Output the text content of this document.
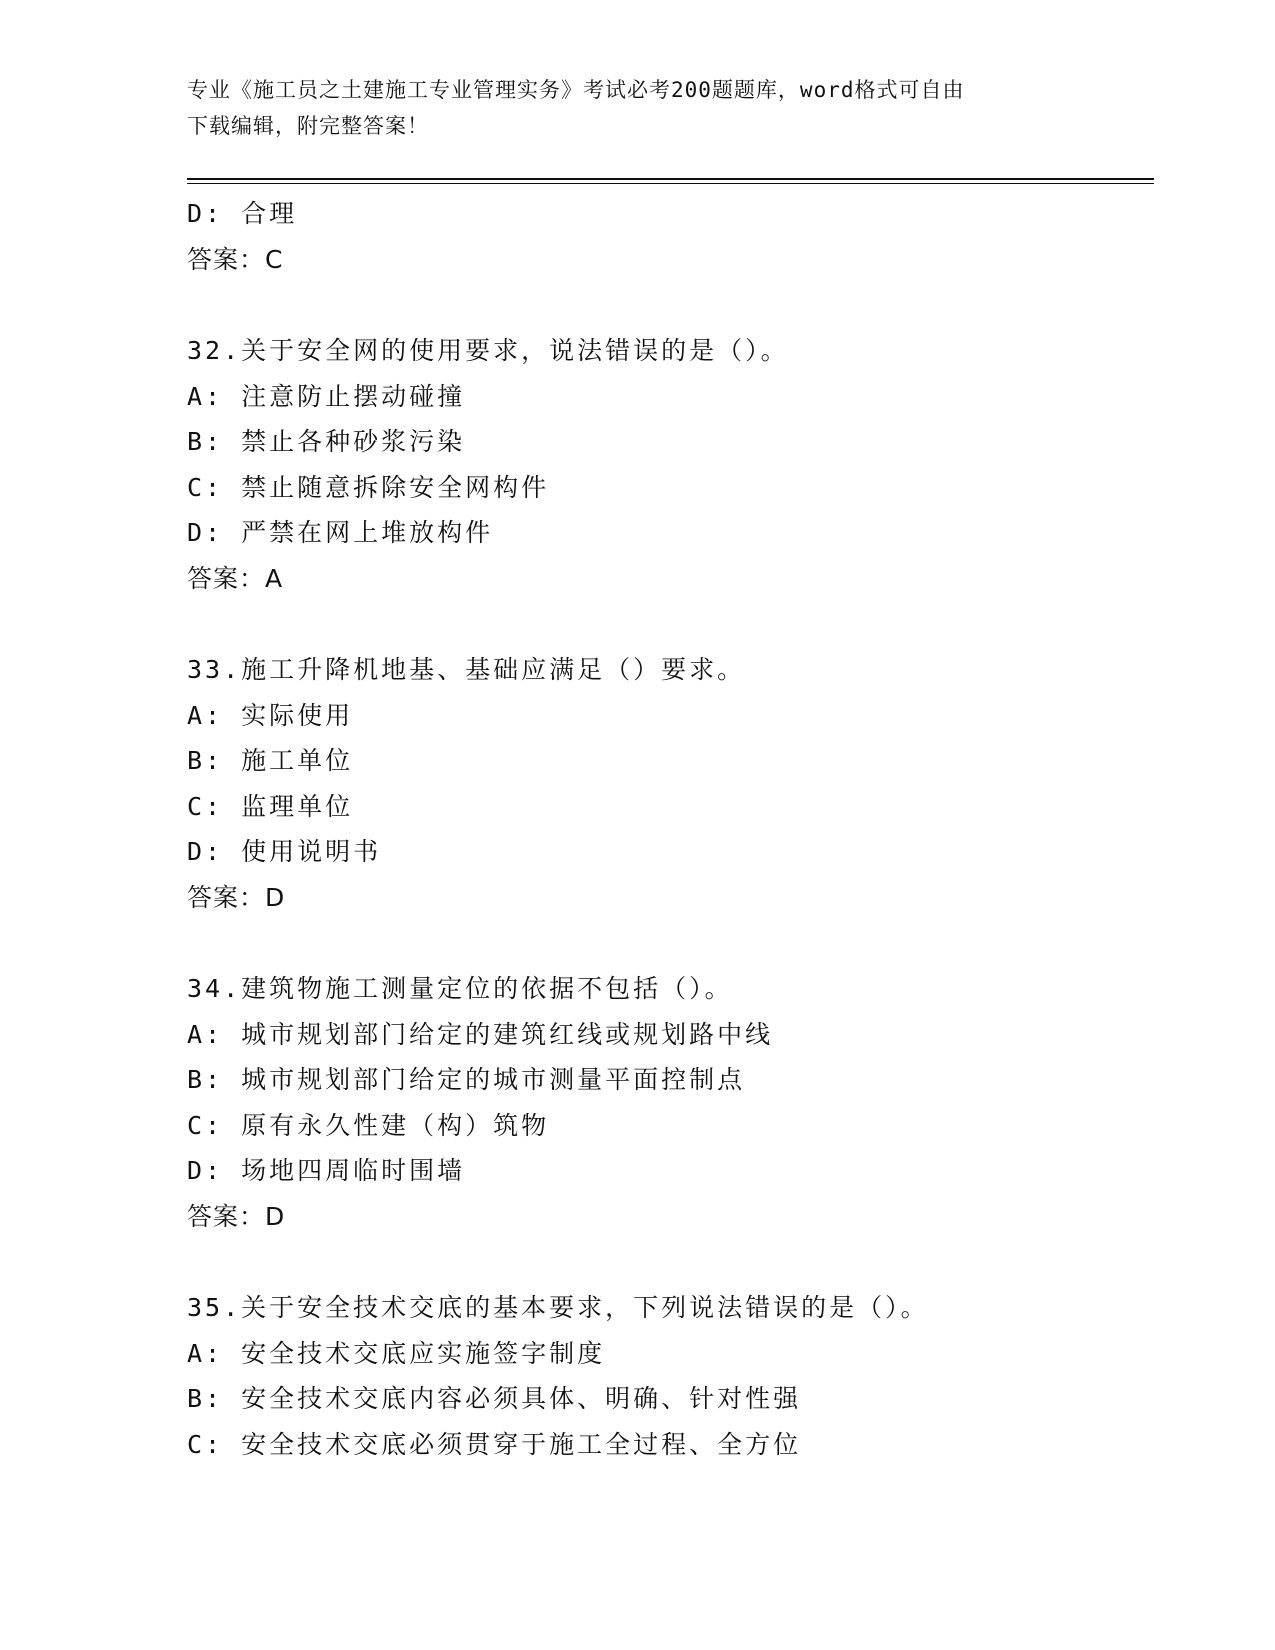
专业《施工员之土建施工专业管理实务》考试必考200题题库，word格式可自由
下载编辑，附完整答案！
D: 合理
答案：C
32.关于安全网的使用要求，说法错误的是（）。
A: 注意防止摆动碰撞
B: 禁止各种砂浆污染
C: 禁止随意拆除安全网构件
D: 严禁在网上堆放构件
答案：A
33.施工升降机地基、基础应满足（）要求。
A: 实际使用
B: 施工单位
C: 监理单位
D: 使用说明书
答案：D
34.建筑物施工测量定位的依据不包括（）。
A: 城市规划部门给定的建筑红线或规划路中线
B: 城市规划部门给定的城市测量平面控制点
C: 原有永久性建（构）筑物
D: 场地四周临时围墙
答案：D
35.关于安全技术交底的基本要求，下列说法错误的是（）。
A: 安全技术交底应实施签字制度
B: 安全技术交底内容必须具体、明确、针对性强
C: 安全技术交底必须贯穿于施工全过程、全方位
